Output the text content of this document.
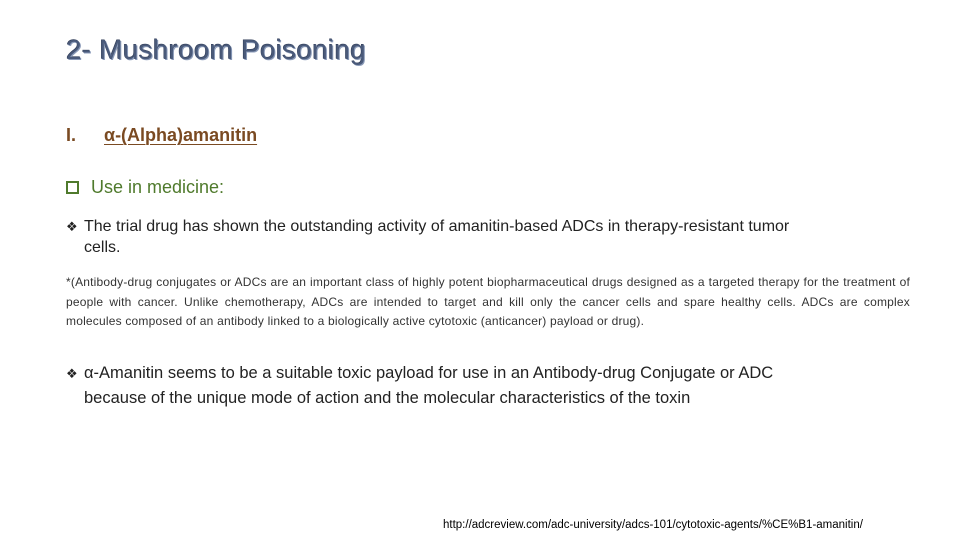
2- Mushroom Poisoning
I. α-(Alpha)amanitin
Use in medicine:
❖ The trial drug has shown the outstanding activity of amanitin-based ADCs in therapy-resistant tumor
cells.
*(Antibody-drug conjugates or ADCs are an important class of highly potent biopharmaceutical drugs designed as a targeted therapy for the treatment of people with cancer. Unlike chemotherapy, ADCs are intended to target and kill only the cancer cells and spare healthy cells. ADCs are complex molecules composed of an antibody linked to a biologically active cytotoxic (anticancer) payload or drug).
❖ α-Amanitin seems to be a suitable toxic payload for use in an Antibody-drug Conjugate or ADC
because of the unique mode of action and the molecular characteristics of the toxin
http://adcreview.com/adc-university/adcs-101/cytotoxic-agents/%CE%B1-amanitin/
